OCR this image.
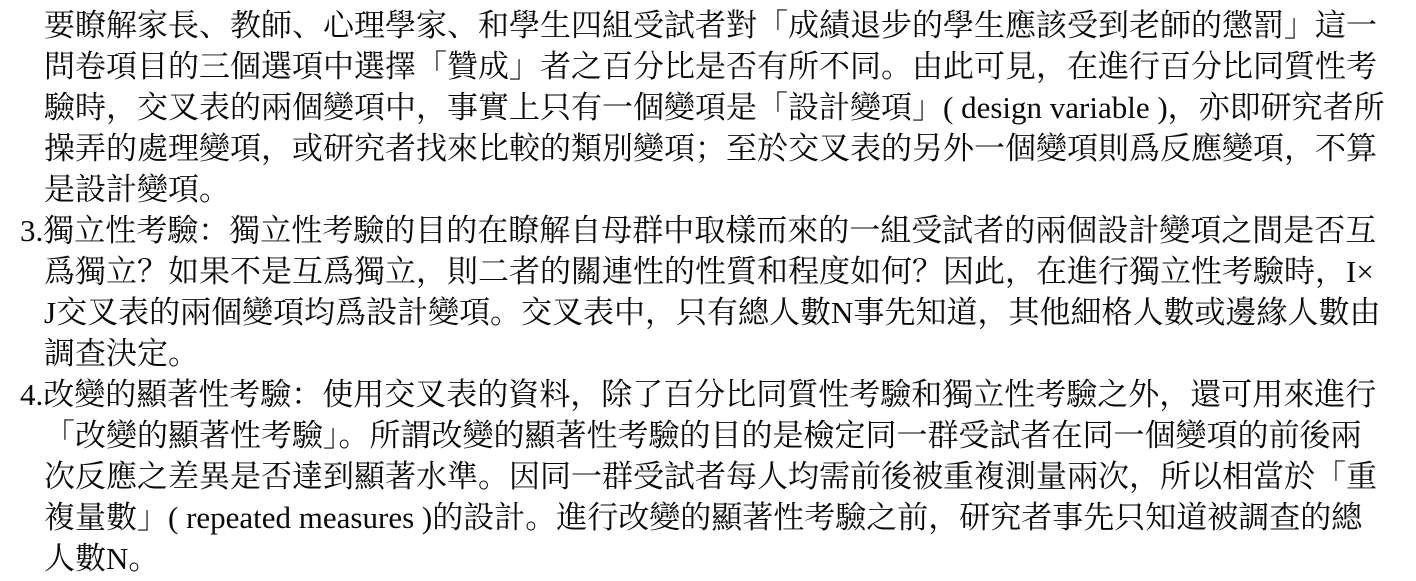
要瞭解家長、教師、心理學家、和學生四組受試者對「成績退步的學生應該受到老師的懲罰」這一
問卷項目的三個選項中選擇「贊成」者之百分比是否有所不同。由此可見，在進行百分比同質性考
驗時，交叉表的兩個變項中，事實上只有一個變項是「設計變項」( design variable )，亦即研究者所
操弄的處理變項，或研究者找來比較的類別變項；至於交叉表的另外一個變項則爲反應變項，不算
是設計變項。
3.獨立性考驗：獨立性考驗的目的在瞭解自母群中取樣而來的一組受試者的兩個設計變項之間是否互
爲獨立？如果不是互爲獨立，則二者的關連性的性質和程度如何？因此，在進行獨立性考驗時，I×
J交叉表的兩個變項均爲設計變項。交叉表中，只有總人數N事先知道，其他細格人數或邊緣人數由
調查決定。
4.改變的顯著性考驗：使用交叉表的資料，除了百分比同質性考驗和獨立性考驗之外，還可用來進行
「改變的顯著性考驗」。所謂改變的顯著性考驗的目的是檢定同一群受試者在同一個變項的前後兩
次反應之差異是否達到顯著水準。因同一群受試者每人均需前後被重複測量兩次，所以相當於「重
複量數」( repeated measures )的設計。進行改變的顯著性考驗之前，研究者事先只知道被調查的總
人數N。
